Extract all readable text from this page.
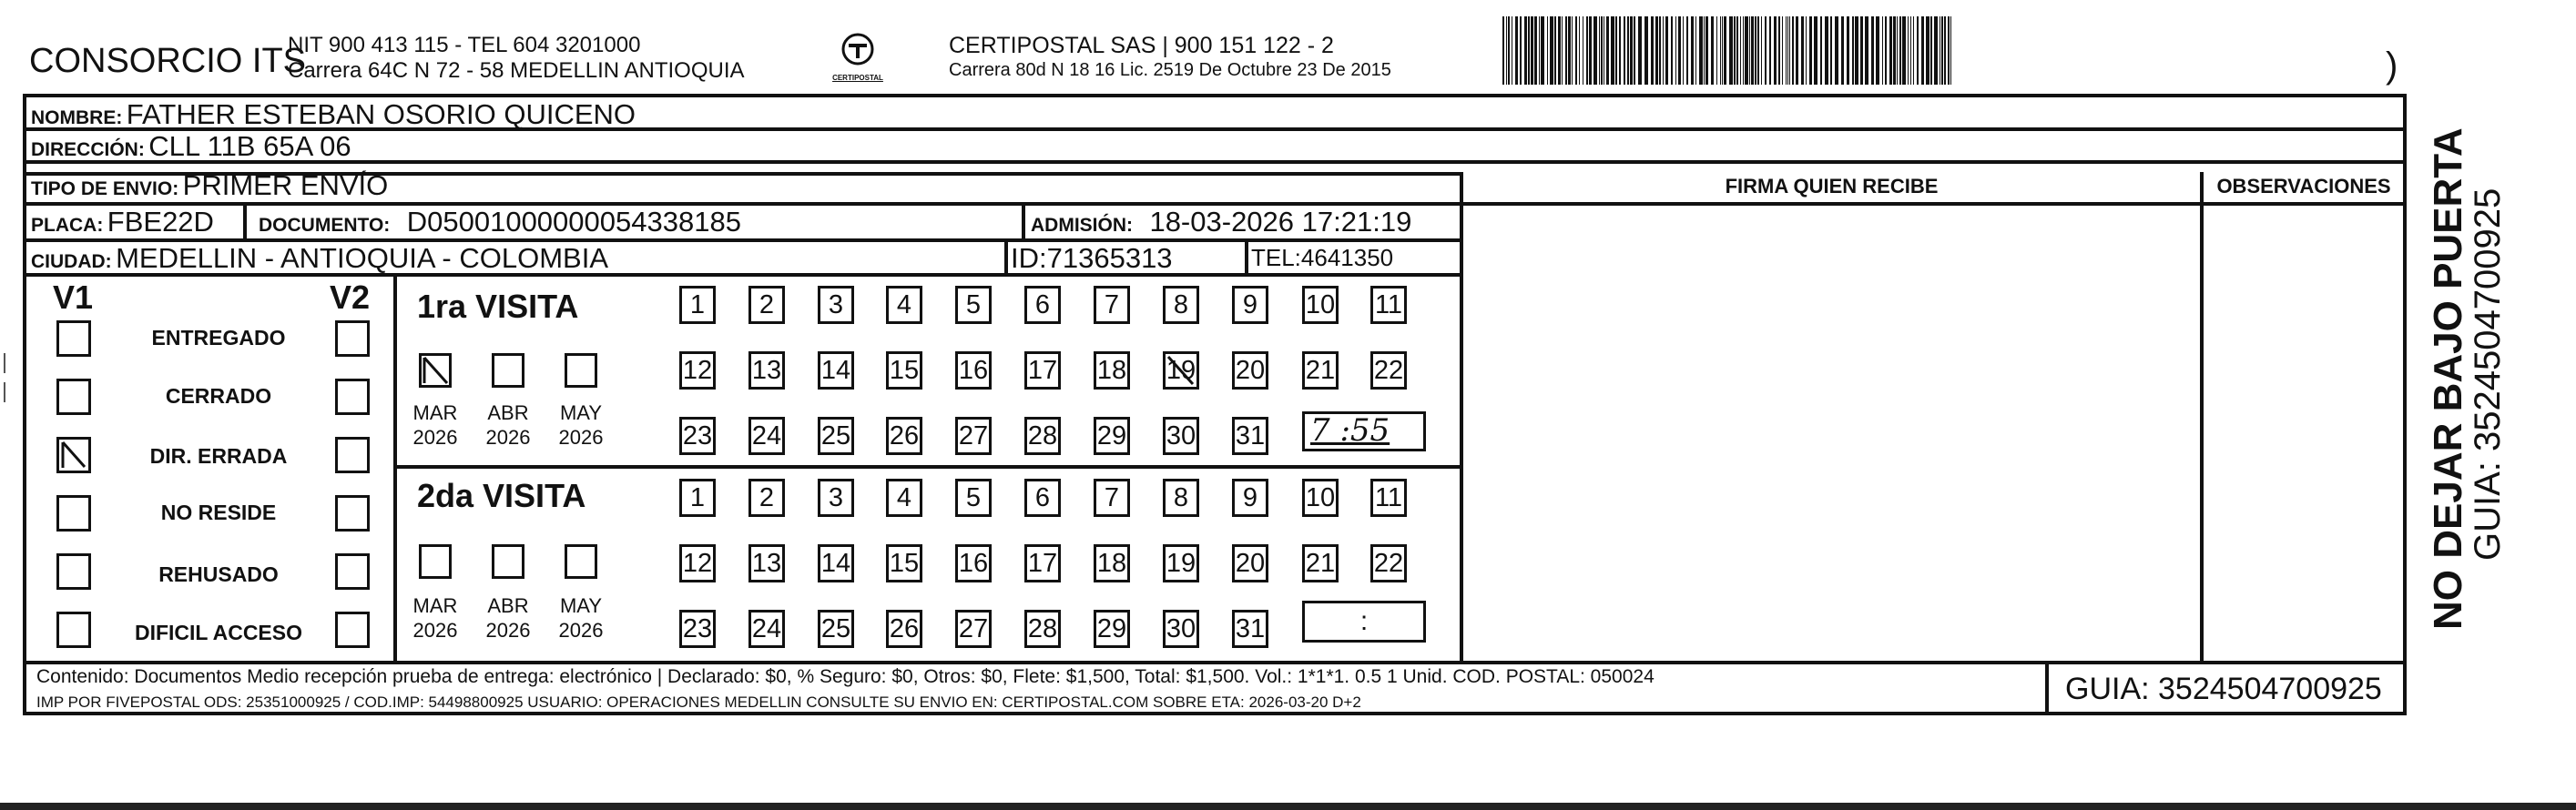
CONSORCIO ITS
NIT 900 413 115 - TEL 604 3201000
Carrera 64C N 72 - 58 MEDELLIN ANTIOQUIA	CERTIPOSTAL
CERTIPOSTAL SAS | 900 151 122 - 2
Carrera 80d N 18 16 Lic. 2519 De Octubre 23 De 2015	)
NOMBRE: FATHER ESTEBAN OSORIO QUICENO
DIRECCIÓN: CLL 11B 65A 06
TIPO DE ENVIO: PRIMER ENVÍO
PLACA: FBE22D DOCUMENTO: D05001000000054338185	ADMISIÓN: 18-03-2026 17:21:19
CIUDAD: MEDELLIN - ANTIOQUIA - COLOMBIA	ID:71365313	TEL:4641350
FIRMA QUIEN RECIBE	OBSERVACIONES
V1	V2
ENTREGADO
CERRADO
DIR. ERRADA
NO RESIDE
REHUSADO
DIFICIL ACCESO
1ra VISITA
MAR
2026
ABR
2026
MAY
2026
1	2	3	4	5	6	7	8	9	10 11
12 13 14 15 16 17 18 19 20 21 22
23 24 25 26 27 28 29 30 31 7 :55
2da VISITA
MAR
2026
ABR
2026
MAY
2026
1	2	3	4	5	6	7	8	9	10 11
12 13 14 15 16 17 18 19 20 21 22
23 24 25 26 27 28 29 30 31	:
Contenido: Documentos Medio recepción prueba de entrega: electrónico | Declarado: $0, % Seguro: $0, Otros: $0, Flete: $1,500, Total: $1,500. Vol.: 1*1*1. 0.5 1 Unid. COD. POSTAL: 050024
IMP POR FIVEPOSTAL ODS: 25351000925 / COD.IMP: 54498800925 USUARIO: OPERACIONES MEDELLIN CONSULTE SU ENVIO EN: CERTIPOSTAL.COM SOBRE ETA: 2026-03-20 D+2	GUIA: 3524504700925
NO DEJAR BAJO PUERTA
GUIA: 3524504700925
